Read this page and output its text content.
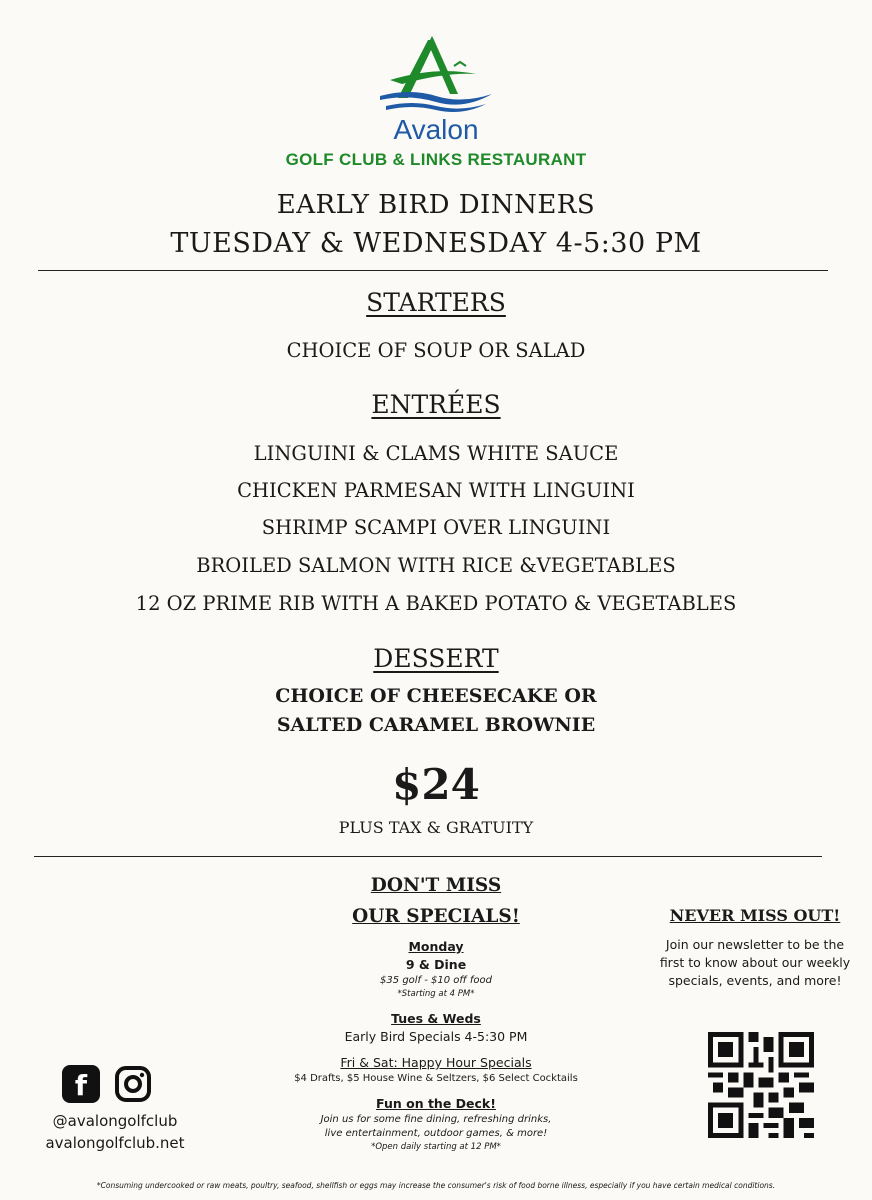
Avalon
GOLF CLUB & LINKS RESTAURANT
EARLY BIRD DINNERS
TUESDAY & WEDNESDAY 4-5:30 PM
STARTERS
CHOICE OF SOUP OR SALAD
ENTRÉES
LINGUINI & CLAMS WHITE SAUCE
CHICKEN PARMESAN WITH LINGUINI
SHRIMP SCAMPI OVER LINGUINI
BROILED SALMON WITH RICE &VEGETABLES
12 OZ PRIME RIB WITH A BAKED POTATO & VEGETABLES
DESSERT
CHOICE OF CHEESECAKE OR
SALTED CARAMEL BROWNIE
$24
PLUS TAX & GRATUITY
DON'T MISS
OUR SPECIALS!
Monday
9 & Dine
$35 golf - $10 off food
*Starting at 4 PM*
Tues & Weds
Early Bird Specials 4-5:30 PM
Fri & Sat: Happy Hour Specials
$4 Drafts, $5 House Wine & Seltzers, $6 Select Cocktails
Fun on the Deck!
Join us for some fine dining, refreshing drinks,
live entertainment, outdoor games, & more!
*Open daily starting at 12 PM*
NEVER MISS OUT!
Join our newsletter to be the first to know about our weekly specials, events, and more!
f
@avalongolfclub
avalongolfclub.net
*Consuming undercooked or raw meats, poultry, seafood, shellfish or eggs may increase the consumer's risk of food borne illness, especially if you have certain medical conditions.
